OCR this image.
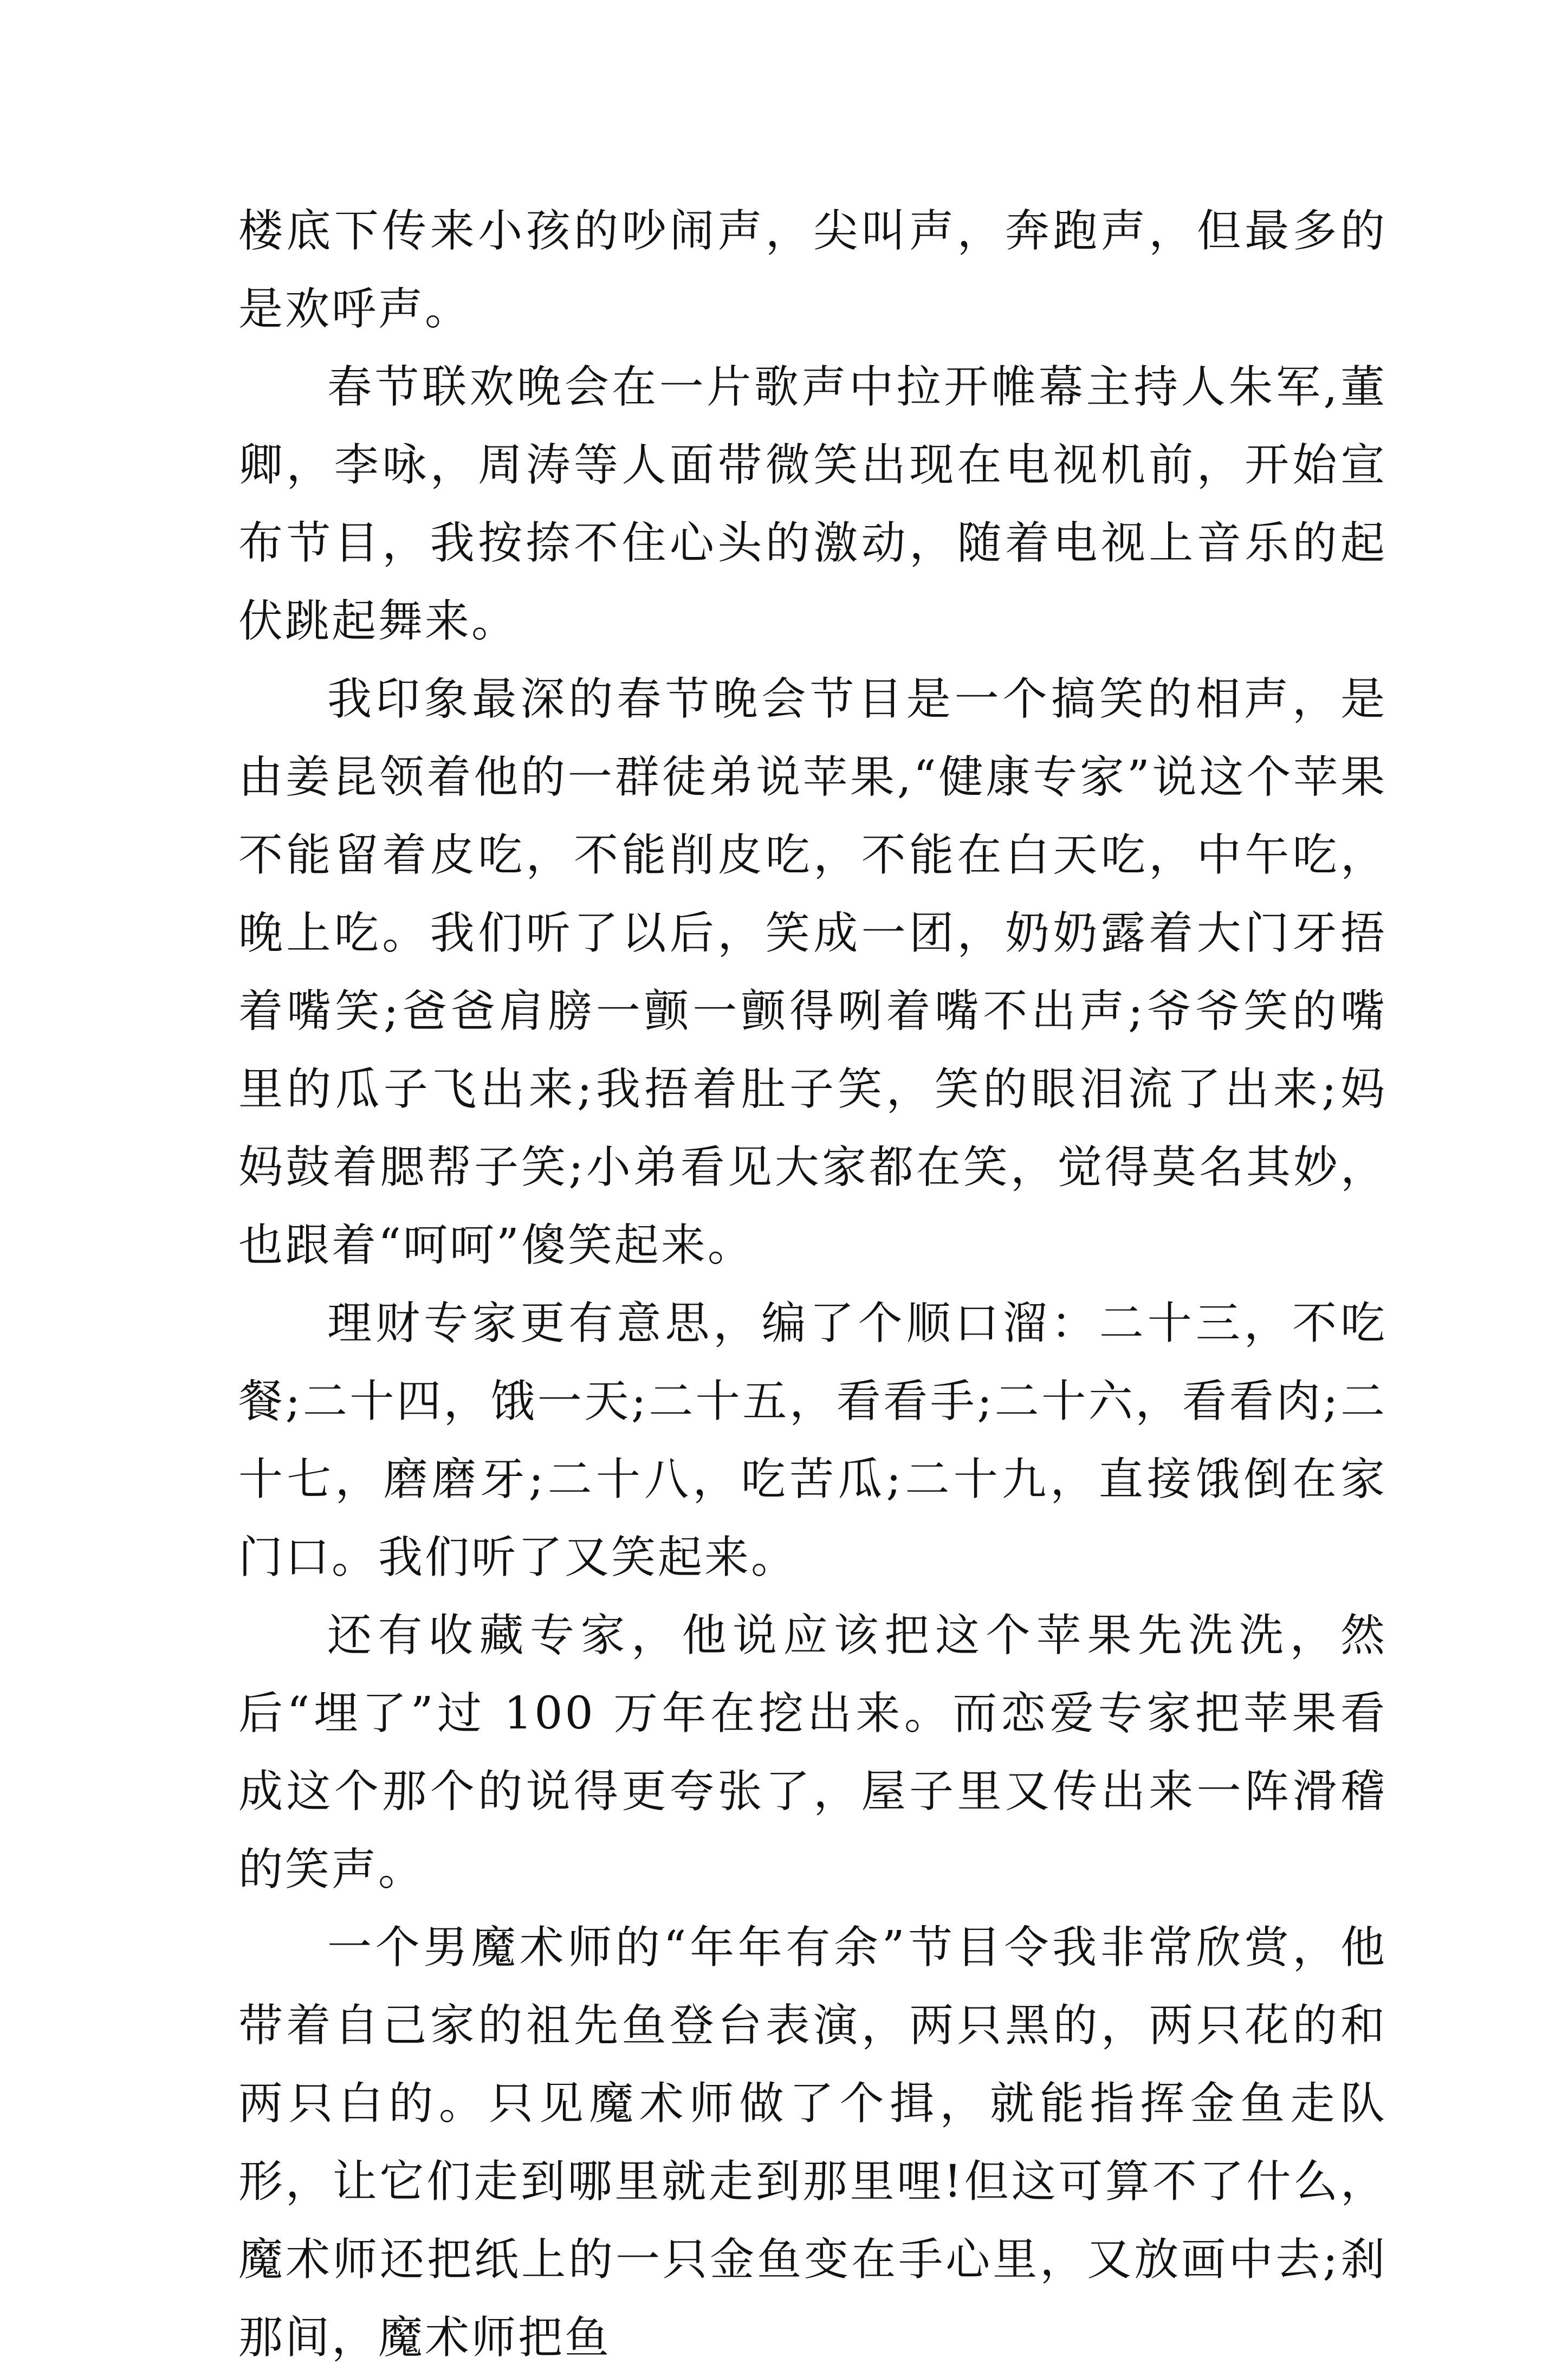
楼底下传来小孩的吵闹声，尖叫声，奔跑声，但最多的是欢呼声。

春节联欢晚会在一片歌声中拉开帷幕主持人朱军,董卿，李咏，周涛等人面带微笑出现在电视机前，开始宣布节目，我按捺不住心头的激动，随着电视上音乐的起伏跳起舞来。

我印象最深的春节晚会节目是一个搞笑的相声，是由姜昆领着他的一群徒弟说苹果,“健康专家”说这个苹果不能留着皮吃，不能削皮吃，不能在白天吃，中午吃，晚上吃。我们听了以后，笑成一团，奶奶露着大门牙捂着嘴笑;爸爸肩膀一颤一颤得咧着嘴不出声;爷爷笑的嘴里的瓜子飞出来;我捂着肚子笑，笑的眼泪流了出来;妈妈鼓着腮帮子笑;小弟看见大家都在笑，觉得莫名其妙，也跟着“呵呵”傻笑起来。

理财专家更有意思，编了个顺口溜：二十三，不吃餐;二十四，饿一天;二十五，看看手;二十六，看看肉;二十七，磨磨牙;二十八，吃苦瓜;二十九，直接饿倒在家门口。我们听了又笑起来。

还有收藏专家，他说应该把这个苹果先洗洗，然后“埋了”过 100 万年在挖出来。而恋爱专家把苹果看成这个那个的说得更夸张了，屋子里又传出来一阵滑稽的笑声。

一个男魔术师的“年年有余”节目令我非常欣赏，他带着自己家的祖先鱼登台表演，两只黑的，两只花的和两只白的。只见魔术师做了个揖，就能指挥金鱼走队形，让它们走到哪里就走到那里哩!但这可算不了什么，魔术师还把纸上的一只金鱼变在手心里，又放画中去;刹那间，魔术师把鱼
